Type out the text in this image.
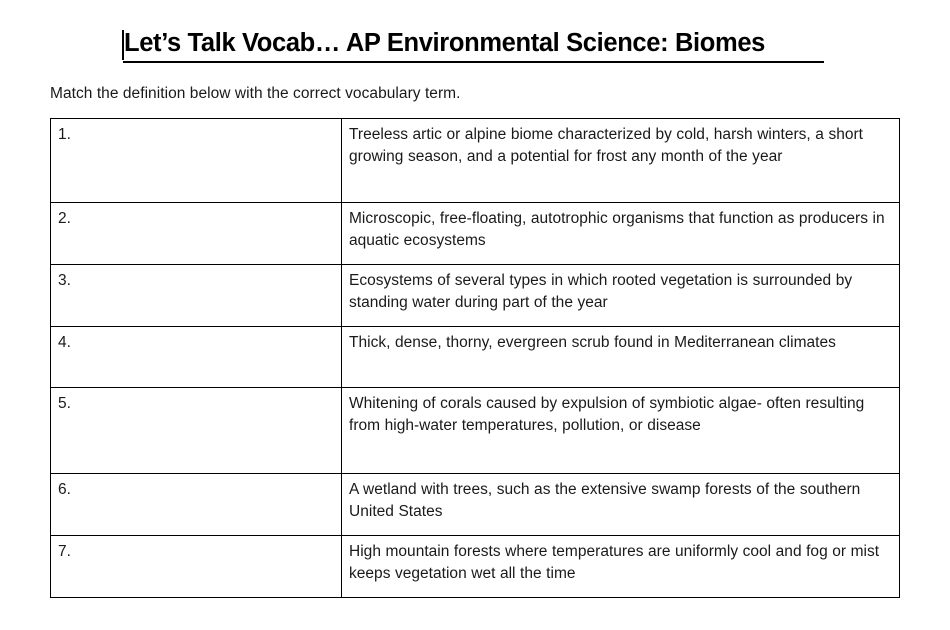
Let’s Talk Vocab… AP Environmental Science: Biomes
Match the definition below with the correct vocabulary term.
1.	Treeless artic or alpine biome characterized by cold, harsh winters, a short growing season, and a potential for frost any month of the year
2.	Microscopic, free-floating, autotrophic organisms that function as producers in aquatic ecosystems
3.	Ecosystems of several types in which rooted vegetation is surrounded by standing water during part of the year
4.	Thick, dense, thorny, evergreen scrub found in Mediterranean climates
5.	Whitening of corals caused by expulsion of symbiotic algae- often resulting from high-water temperatures, pollution, or disease
6.	A wetland with trees, such as the extensive swamp forests of the southern United States
7.	High mountain forests where temperatures are uniformly cool and fog or mist keeps vegetation wet all the time
